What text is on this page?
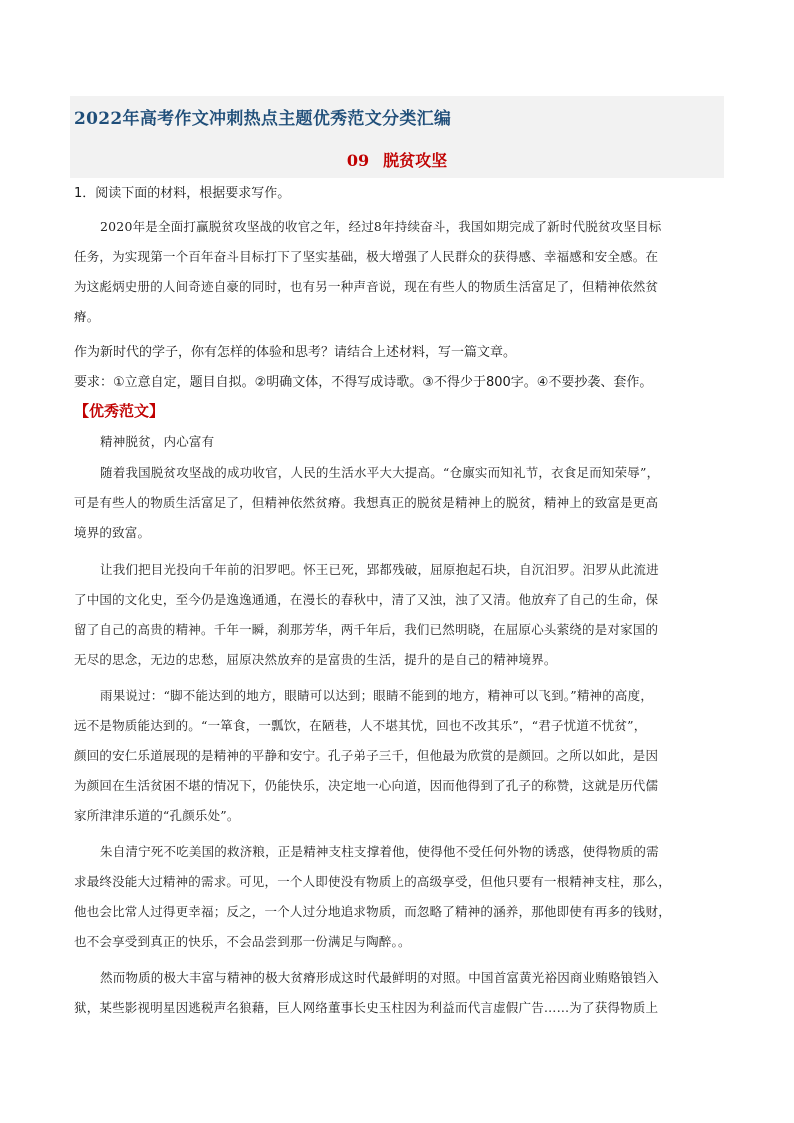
2022年高考作文冲刺热点主题优秀范文分类汇编
09 脱贫攻坚
1．阅读下面的材料，根据要求写作。
2020年是全面打赢脱贫攻坚战的收官之年，经过8年持续奋斗，我国如期完成了新时代脱贫攻坚目标
任务，为实现第一个百年奋斗目标打下了坚实基础，极大增强了人民群众的获得感、幸福感和安全感。在
为这彪炳史册的人间奇迹自豪的同时，也有另一种声音说，现在有些人的物质生活富足了，但精神依然贫
瘠。
作为新时代的学子，你有怎样的体验和思考？请结合上述材料，写一篇文章。
要求：①立意自定，题目自拟。②明确文体，不得写成诗歌。③不得少于800字。④不要抄袭、套作。
【优秀范文】
精神脱贫，内心富有
随着我国脱贫攻坚战的成功收官，人民的生活水平大大提高。“仓廪实而知礼节，衣食足而知荣辱”，
可是有些人的物质生活富足了，但精神依然贫瘠。我想真正的脱贫是精神上的脱贫，精神上的致富是更高
境界的致富。
让我们把目光投向千年前的汨罗吧。怀王已死，郢都残破，屈原抱起石块，自沉汨罗。汨罗从此流进
了中国的文化史，至今仍是逸逸通通，在漫长的春秋中，清了又浊，浊了又清。他放弃了自己的生命，保
留了自己的高贵的精神。千年一瞬，刹那芳华，两千年后，我们已然明晓，在屈原心头萦绕的是对家国的
无尽的思念，无边的忠愁，屈原决然放弃的是富贵的生活，提升的是自己的精神境界。
雨果说过：“脚不能达到的地方，眼睛可以达到；眼睛不能到的地方，精神可以飞到。”精神的高度，
远不是物质能达到的。“一箪食，一瓢饮，在陋巷，人不堪其忧，回也不改其乐”，“君子忧道不忧贫”，
颜回的安仁乐道展现的是精神的平静和安宁。孔子弟子三千，但他最为欣赏的是颜回。之所以如此，是因
为颜回在生活贫困不堪的情况下，仍能快乐，决定地一心向道，因而他得到了孔子的称赞，这就是历代儒
家所津津乐道的“孔颜乐处”。
朱自清宁死不吃美国的救济粮，正是精神支柱支撑着他，使得他不受任何外物的诱惑，使得物质的需
求最终没能大过精神的需求。可见，一个人即使没有物质上的高级享受，但他只要有一根精神支柱，那么，
他也会比常人过得更幸福；反之，一个人过分地追求物质，而忽略了精神的涵养，那他即使有再多的钱财，
也不会享受到真正的快乐，不会品尝到那一份满足与陶醉。。
然而物质的极大丰富与精神的极大贫瘠形成这时代最鲜明的对照。中国首富黄光裕因商业贿赂锒铛入
狱，某些影视明星因逃税声名狼藉，巨人网络董事长史玉柱因为利益而代言虚假广告……为了获得物质上
